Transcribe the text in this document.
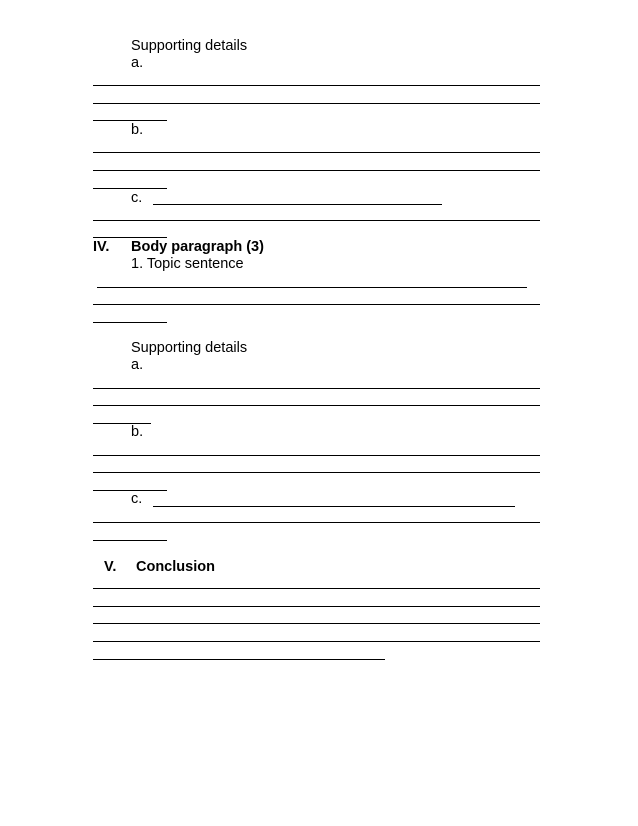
Supporting details
a.
b.
c.
IV. Body paragraph (3)
1. Topic sentence
Supporting details
a.
b.
c.
V. Conclusion
